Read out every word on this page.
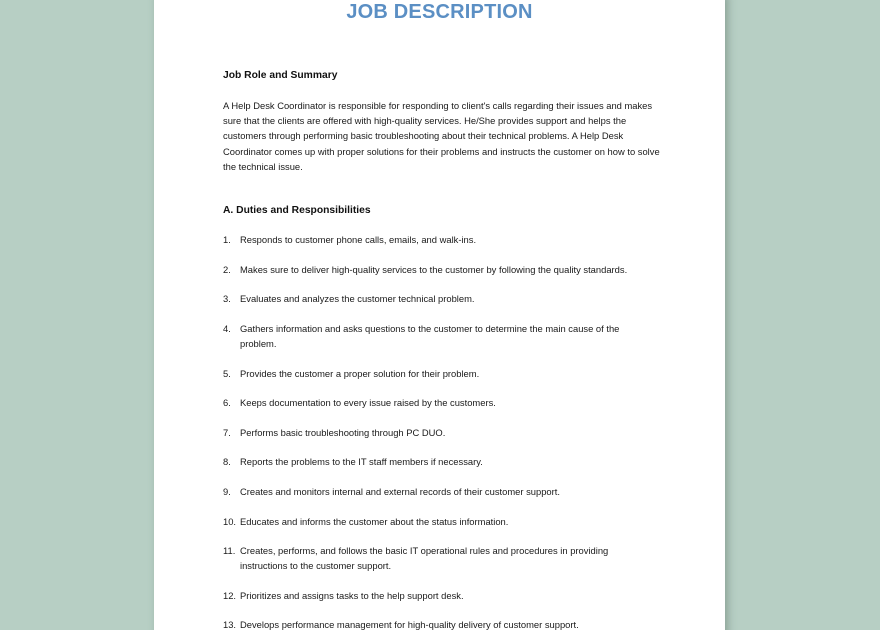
JOB DESCRIPTION
Job Role and Summary

A Help Desk Coordinator is responsible for responding to client's calls regarding their issues and makes sure that the clients are offered with high-quality services. He/She provides support and helps the customers through performing basic troubleshooting about their technical problems. A Help Desk Coordinator comes up with proper solutions for their problems and instructs the customer on how to solve the technical issue.

A. Duties and Responsibilities
1. Responds to customer phone calls, emails, and walk-ins.
2. Makes sure to deliver high-quality services to the customer by following the quality standards.
3. Evaluates and analyzes the customer technical problem.
4. Gathers information and asks questions to the customer to determine the main cause of the problem.
5. Provides the customer a proper solution for their problem.
6. Keeps documentation to every issue raised by the customers.
7. Performs basic troubleshooting through PC DUO.
8. Reports the problems to the IT staff members if necessary.
9. Creates and monitors internal and external records of their customer support.
10. Educates and informs the customer about the status information.
11. Creates, performs, and follows the basic IT operational rules and procedures in providing instructions to the customer support.
12. Prioritizes and assigns tasks to the help support desk.
13. Develops performance management for high-quality delivery of customer support.
